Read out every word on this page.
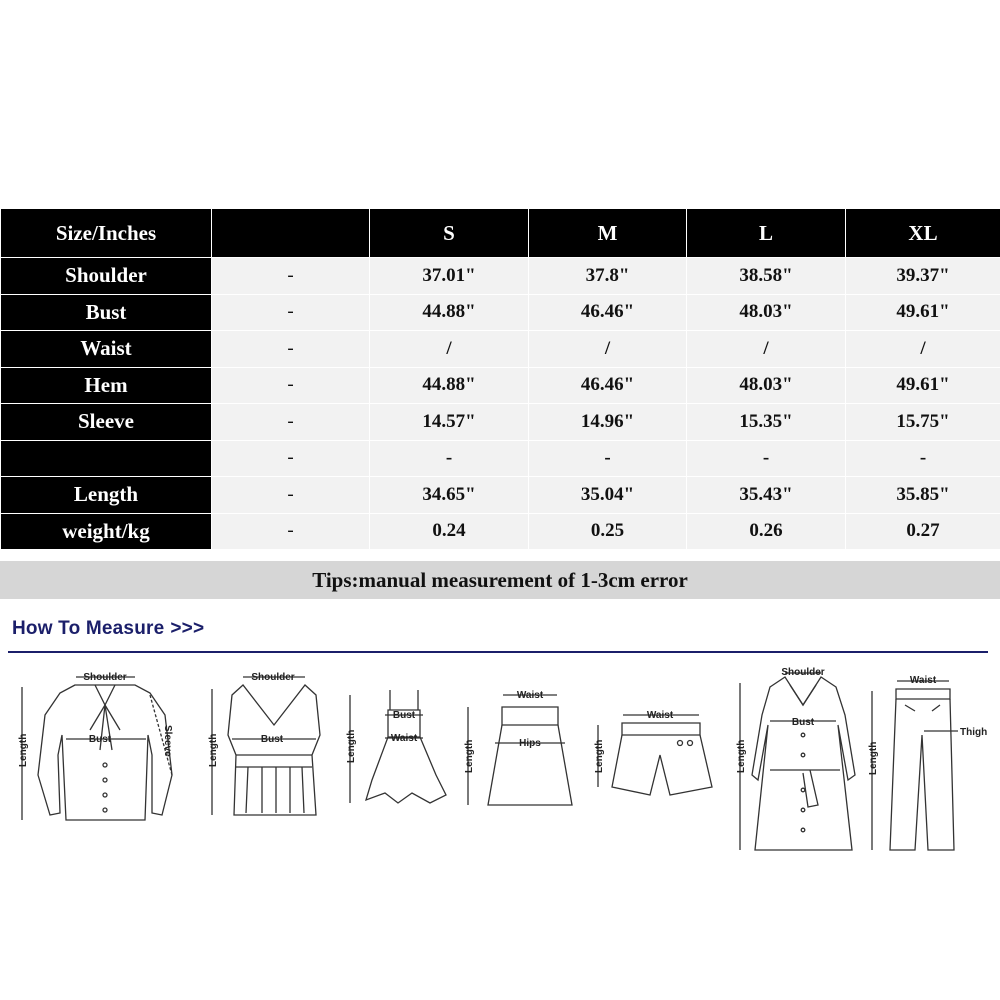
Size/Inches		S	M	L	XL
Shoulder	-	37.01"	37.8"	38.58"	39.37"
Bust	-	44.88"	46.46"	48.03"	49.61"
Waist	-	/	/	/	/
Hem	-	44.88"	46.46"	48.03"	49.61"
Sleeve	-	14.57"	14.96"	15.35"	15.75"
	-	-	-	-	-
Length	-	34.65"	35.04"	35.43"	35.85"
weight/kg	-	0.24	0.25	0.26	0.27
Tips:manual measurement of 1-3cm error
How To Measure >>>
Shoulder
Bust
Length	Sleeve
Shoulder
Bust
Length
Bust
Waist
Length
Waist
Hips
Length
Waist
Length
Shoulder
Bust
Length
Waist
Thigh
Length
